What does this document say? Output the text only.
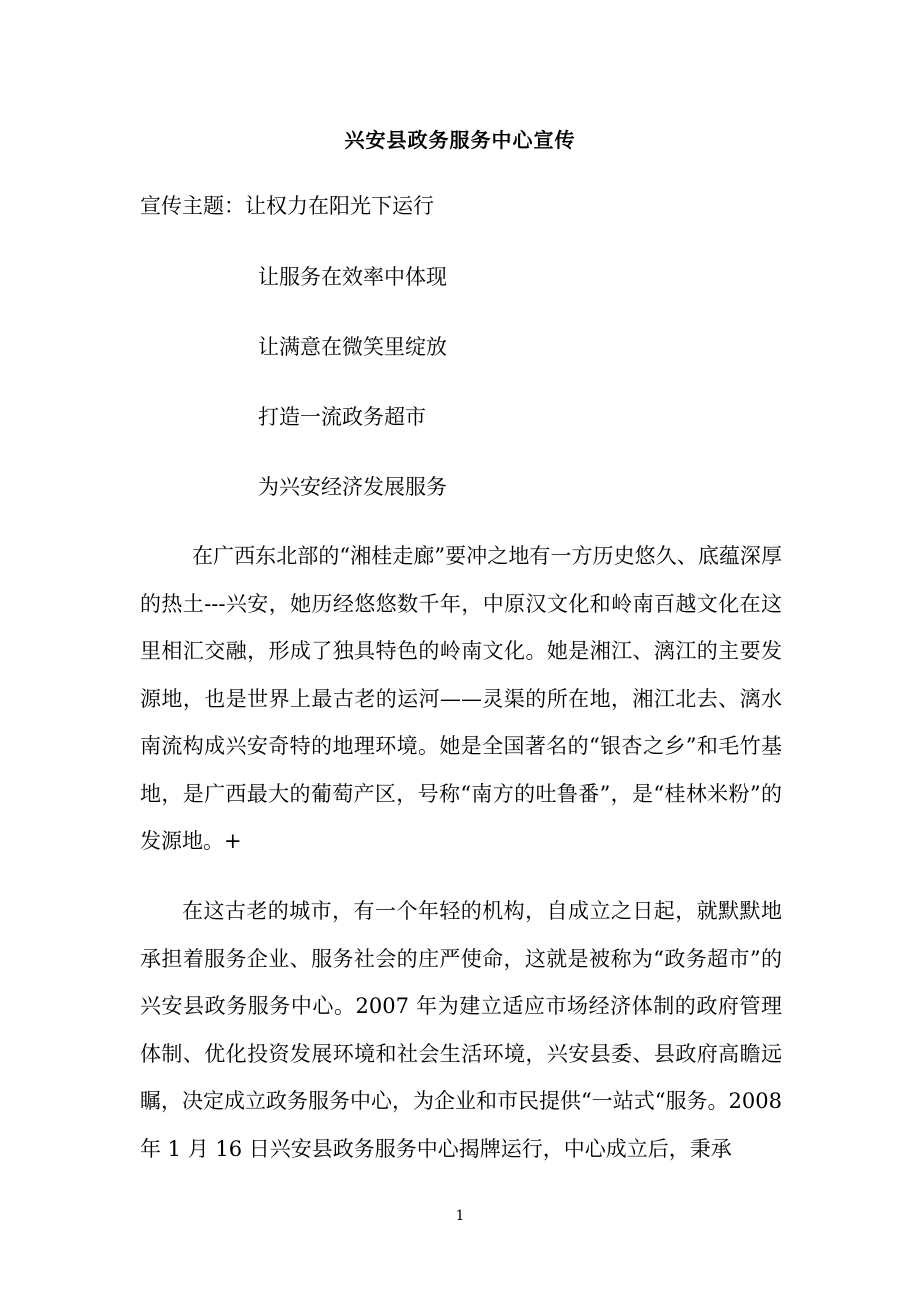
兴安县政务服务中心宣传
宣传主题：让权力在阳光下运行
让服务在效率中体现
让满意在微笑里绽放
打造一流政务超市
为兴安经济发展服务

在广西东北部的“湘桂走廊”要冲之地有一方历史悠久、底蕴深厚的热土---兴安，她历经悠悠数千年，中原汉文化和岭南百越文化在这里相汇交融，形成了独具特色的岭南文化。她是湘江、漓江的主要发源地，也是世界上最古老的运河——灵渠的所在地，湘江北去、漓水南流构成兴安奇特的地理环境。她是全国著名的“银杏之乡”和毛竹基地，是广西最大的葡萄产区，号称“南方的吐鲁番”，是“桂林米粉”的发源地。+

在这古老的城市，有一个年轻的机构，自成立之日起，就默默地承担着服务企业、服务社会的庄严使命，这就是被称为“政务超市”的兴安县政务服务中心。2007 年为建立适应市场经济体制的政府管理体制、优化投资发展环境和社会生活环境，兴安县委、县政府高瞻远瞩，决定成立政务服务中心，为企业和市民提供“一站式“服务。2008 年 1 月 16 日兴安县政务服务中心揭牌运行，中心成立后，秉承

1
